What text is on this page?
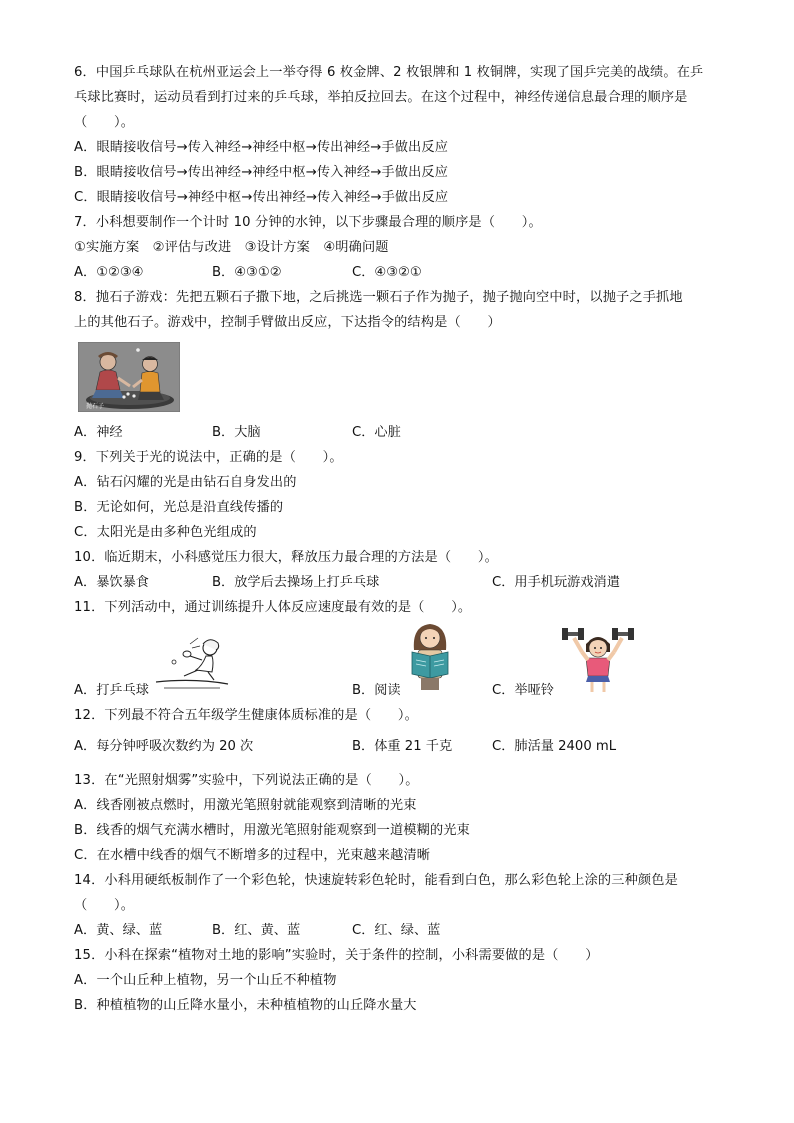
6．中国乒乓球队在杭州亚运会上一举夺得 6 枚金牌、2 枚银牌和 1 枚铜牌，实现了国乒完美的战绩。在乒
乓球比赛时，运动员看到打过来的乒乓球，举拍反拉回去。在这个过程中，神经传递信息最合理的顺序是
（　　）。
A．眼睛接收信号→传入神经→神经中枢→传出神经→手做出反应
B．眼睛接收信号→传出神经→神经中枢→传入神经→手做出反应
C．眼睛接收信号→神经中枢→传出神经→传入神经→手做出反应
7．小科想要制作一个计时 10 分钟的水钟，以下步骤最合理的顺序是（　　）。
①实施方案　②评估与改进　③设计方案　④明确问题
A．①②③④	B．④③①②	C．④③②①
8．抛石子游戏：先把五颗石子撒下地，之后挑选一颗石子作为抛子，抛子抛向空中时，以抛子之手抓地
上的其他石子。游戏中，控制手臂做出反应，下达指令的结构是（　　）
抛石子
A．神经	B．大脑	C．心脏
9．下列关于光的说法中，正确的是（　　）。
A．钻石闪耀的光是由钻石自身发出的
B．无论如何，光总是沿直线传播的
C．太阳光是由多种色光组成的
10．临近期末，小科感觉压力很大，释放压力最合理的方法是（　　）。
A．暴饮暴食	B．放学后去操场上打乒乓球	C．用手机玩游戏消遣
11．下列活动中，通过训练提升人体反应速度最有效的是（　　）。
A．打乒乓球	B．阅读	C．举哑铃
12．下列最不符合五年级学生健康体质标准的是（　　）。
A．每分钟呼吸次数约为 20 次	B．体重 21 千克	C．肺活量 2400 mL
13．在“光照射烟雾”实验中，下列说法正确的是（　　）。
A．线香刚被点燃时，用激光笔照射就能观察到清晰的光束
B．线香的烟气充满水槽时，用激光笔照射能观察到一道模糊的光束
C．在水槽中线香的烟气不断增多的过程中，光束越来越清晰
14．小科用硬纸板制作了一个彩色轮，快速旋转彩色轮时，能看到白色，那么彩色轮上涂的三种颜色是
（　　）。
A．黄、绿、蓝	B．红、黄、蓝	C．红、绿、蓝
15．小科在探索“植物对土地的影响”实验时，关于条件的控制，小科需要做的是（　　）
A．一个山丘种上植物，另一个山丘不种植物
B．种植植物的山丘降水量小，未种植植物的山丘降水量大
